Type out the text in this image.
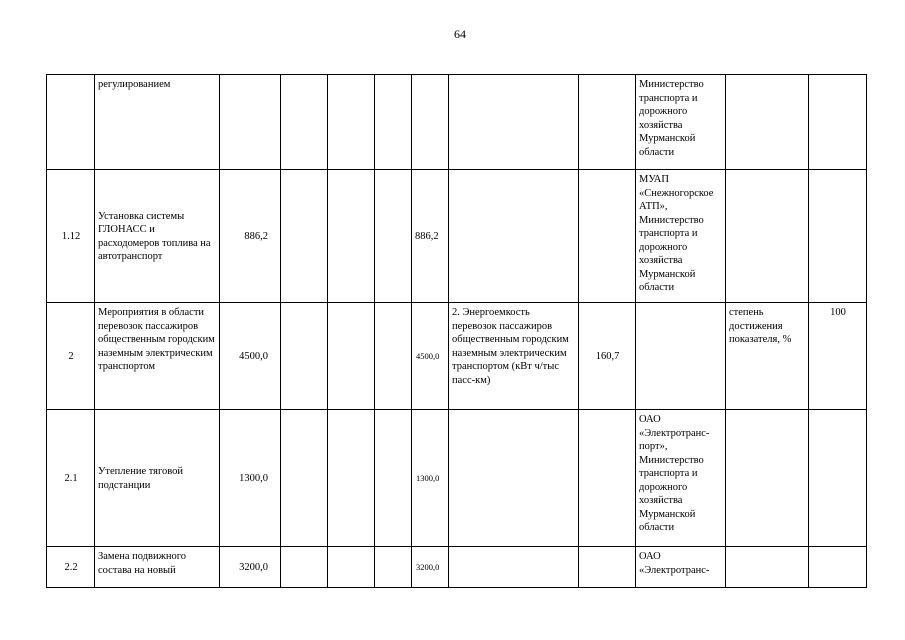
64
	регулированием								Министерство транспорта и дорожного хозяйства Мурманской области		
1.12	Установка системы ГЛОНАСС и расходомеров топлива на автотранспорт	886,2				886,2			МУАП «Снежногорское АТП», Министерство транспорта и дорожного хозяйства Мурманской области		
2	Мероприятия в области перевозок пассажиров общественным городским наземным электрическим транспортом	4500,0				4500,0	2. Энергоемкость перевозок пассажиров общественным городским наземным электрическим транспортом (кВт ч/тыс пасс-км)	160,7		степень достижения показателя, %	100
2.1	Утепление тяговой подстанции	1300,0				1300,0			ОАО «Электротранс-порт», Министерство транспорта и дорожного хозяйства Мурманской области		
2.2	Замена подвижного состава на новый	3200,0				3200,0			ОАО «Электротранс-		
